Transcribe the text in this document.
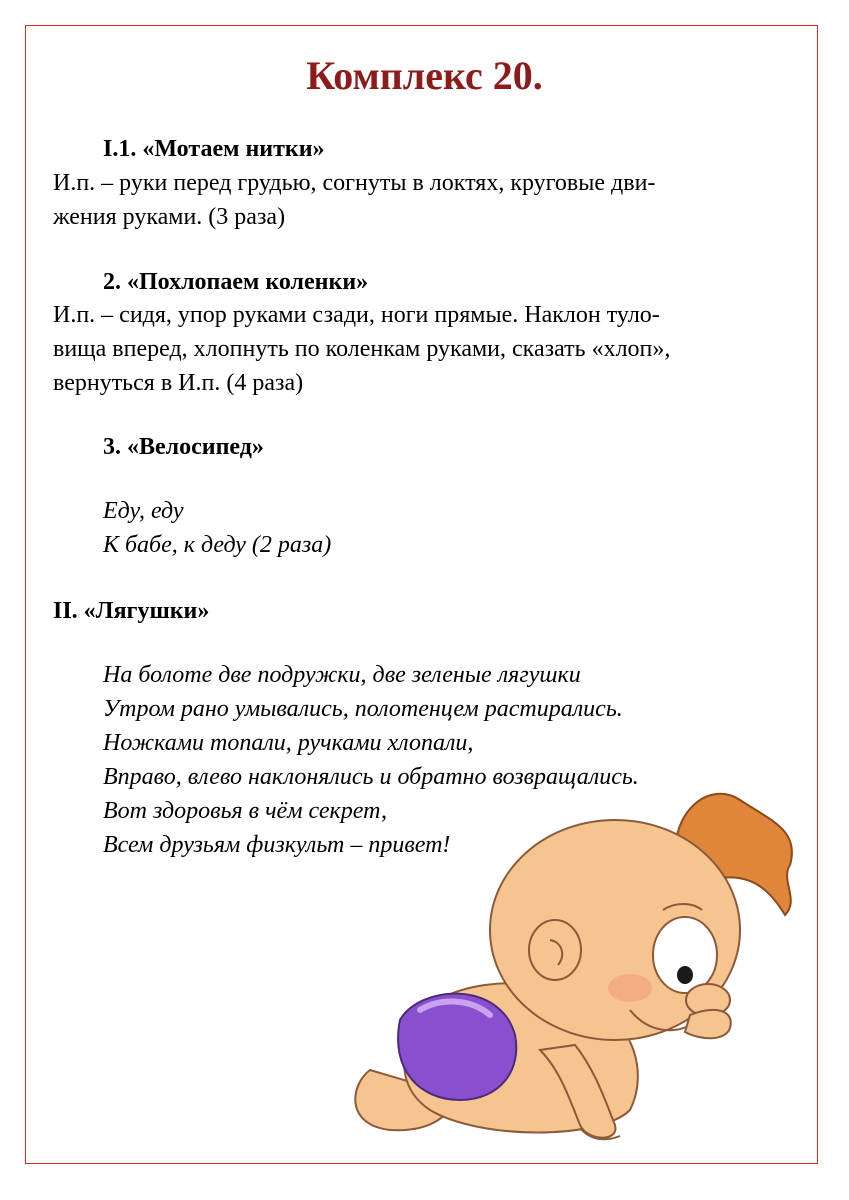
Комплекс 20.

I.1. «Мотаем нитки»

И.п. – руки перед грудью, согнуты в локтях, круговые дви-

жения руками. (3 раза)

2. «Похлопаем коленки»

И.п. – сидя, упор руками сзади, ноги прямые. Наклон туло-

вища вперед, хлопнуть по коленкам руками, сказать «хлоп»,

вернуться в И.п. (4 раза)

3. «Велосипед»

Еду, еду

К бабе, к деду (2 раза)

II. «Лягушки»

На болоте две подружки, две зеленые лягушки

Утром рано умывались, полотенцем растирались.

Ножками топали, ручками хлопали,

Вправо, влево наклонялись и обратно возвращались.

Вот здоровья в чём секрет,

Всем друзьям физкульт – привет!
